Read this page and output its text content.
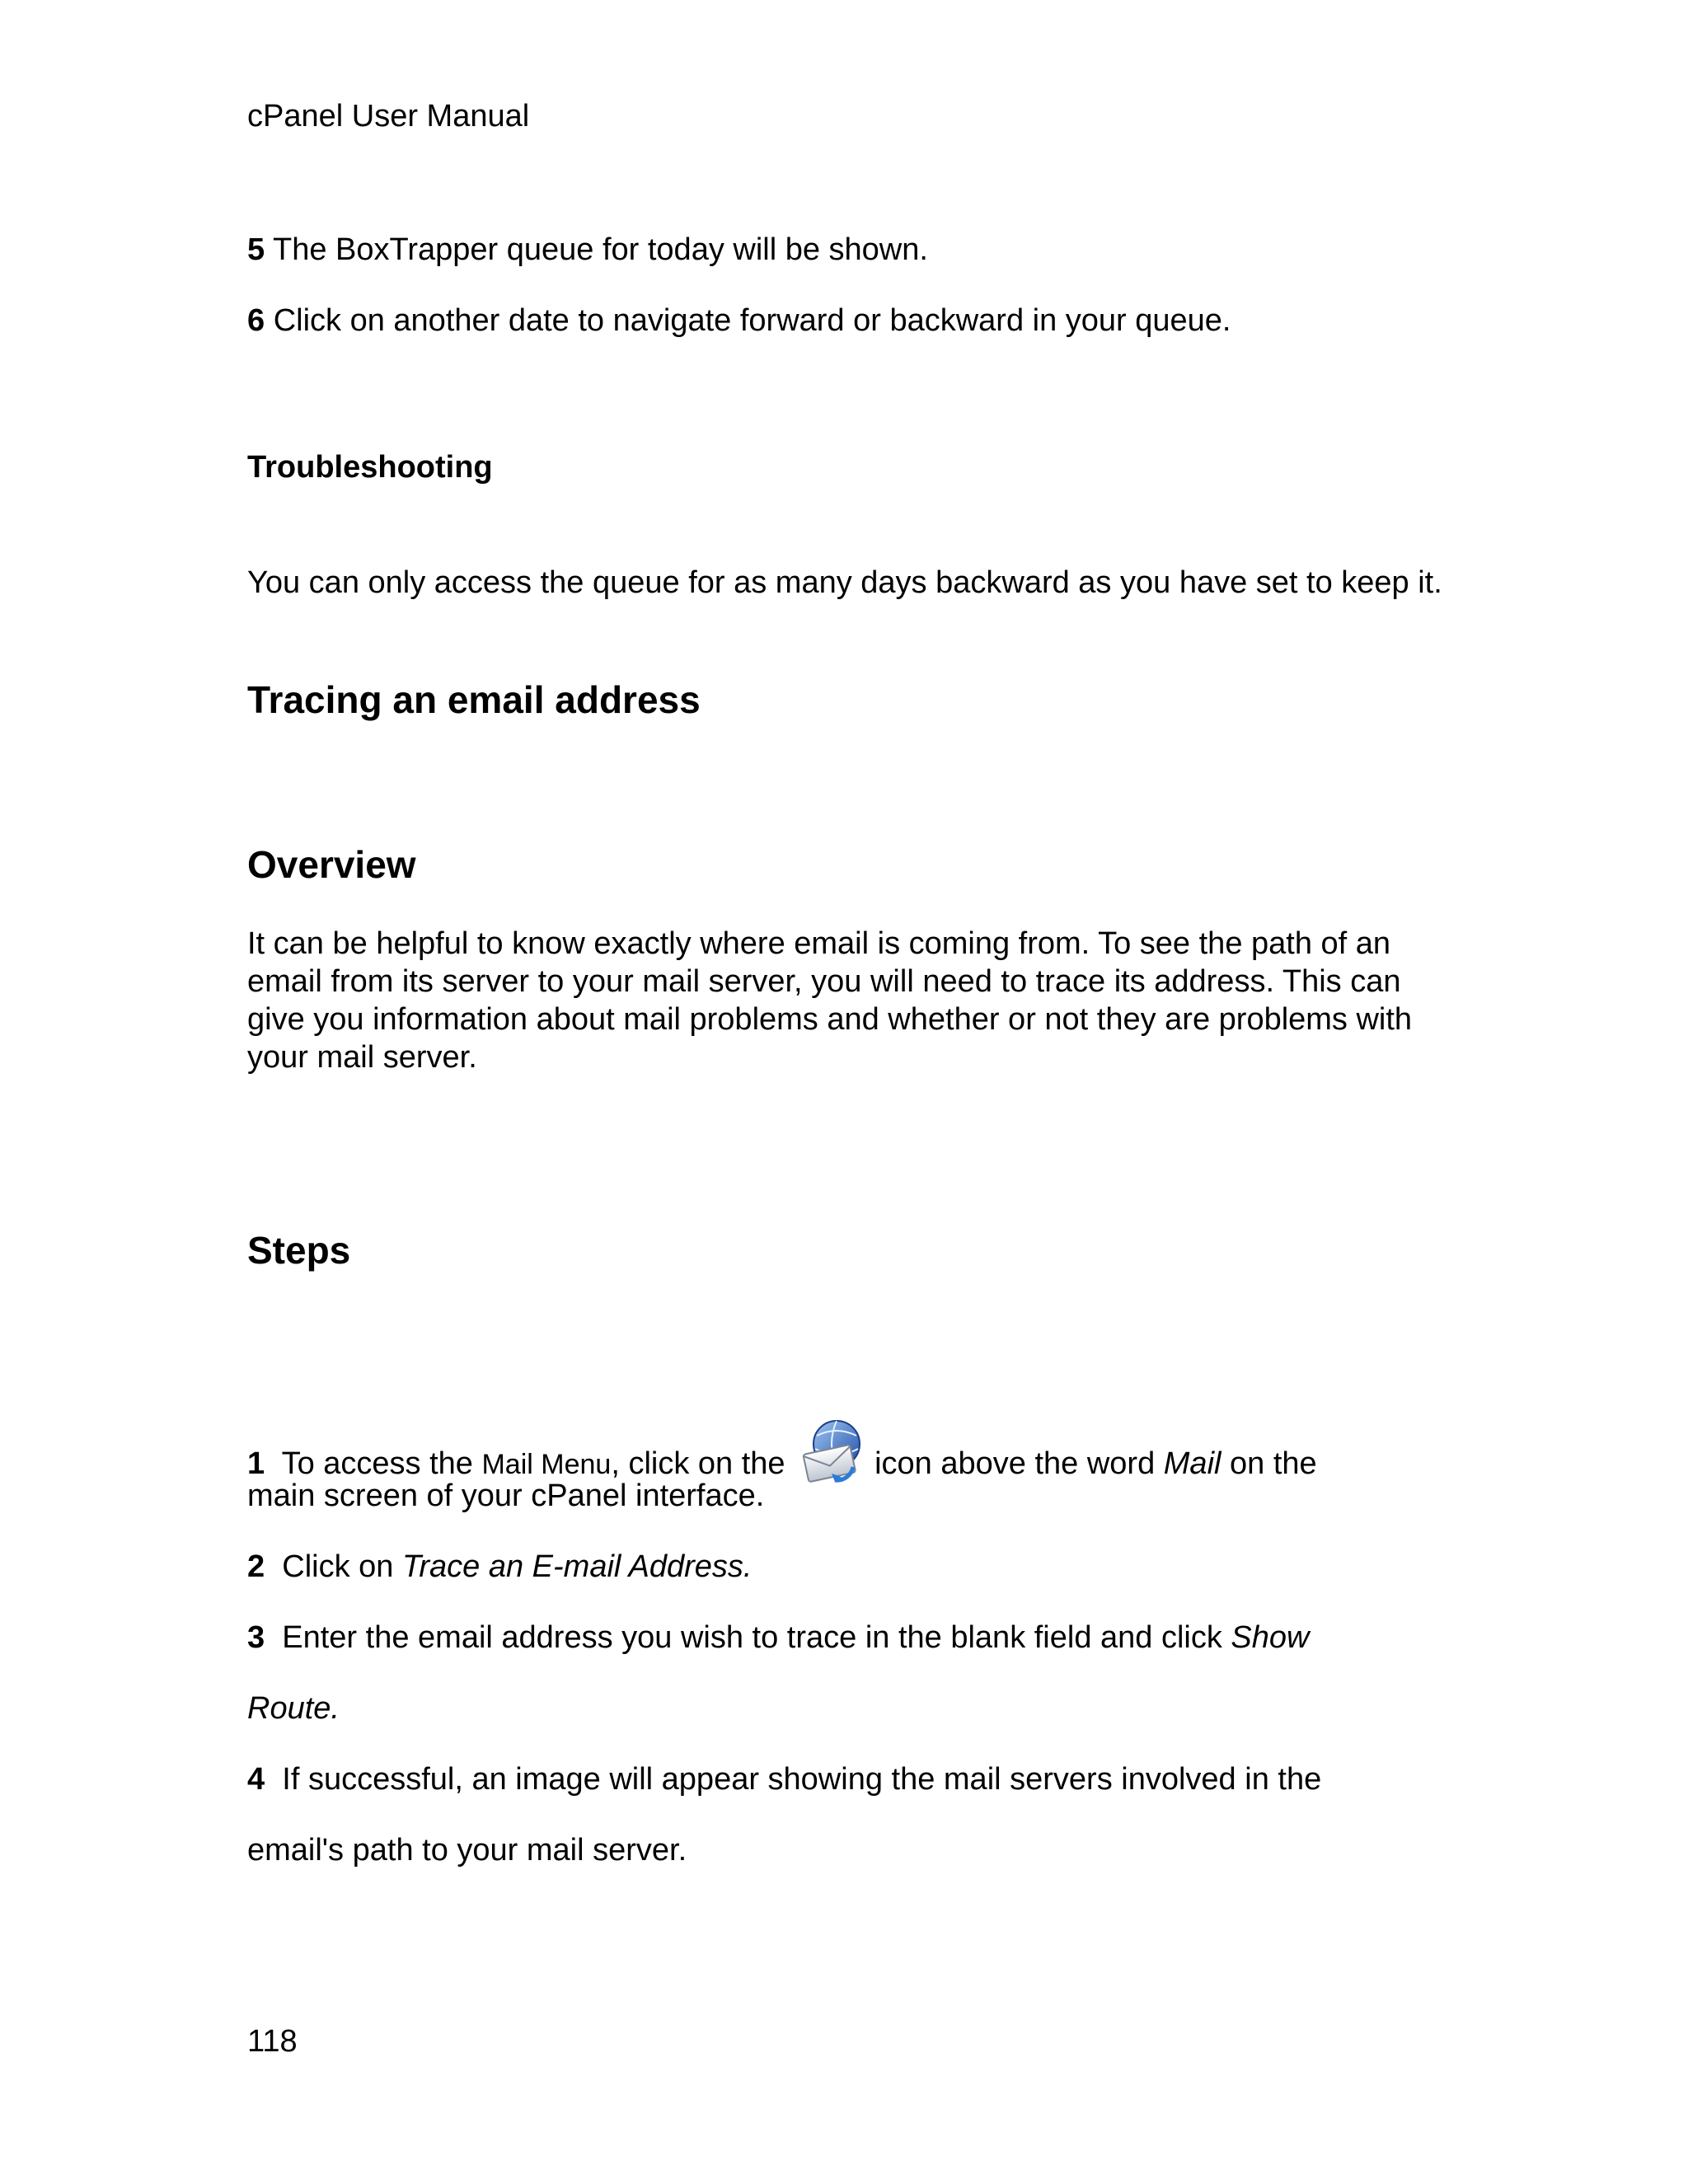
cPanel User Manual
5 The BoxTrapper queue for today will be shown.
6 Click on another date to navigate forward or backward in your queue.
Troubleshooting
You can only access the queue for as many days backward as you have set to keep it.
Tracing an email address
Overview
It can be helpful to know exactly where email is coming from. To see the path of an email from its server to your mail server, you will need to trace its address. This can give you information about mail problems and whether or not they are problems with your mail server.
Steps
1 To access the Mail Menu, click on the	icon above the word Mail on the
main screen of your cPanel interface.
2 Click on Trace an E-mail Address.
3 Enter the email address you wish to trace in the blank field and click Show
Route.
4 If successful, an image will appear showing the mail servers involved in the
email's path to your mail server.
118
